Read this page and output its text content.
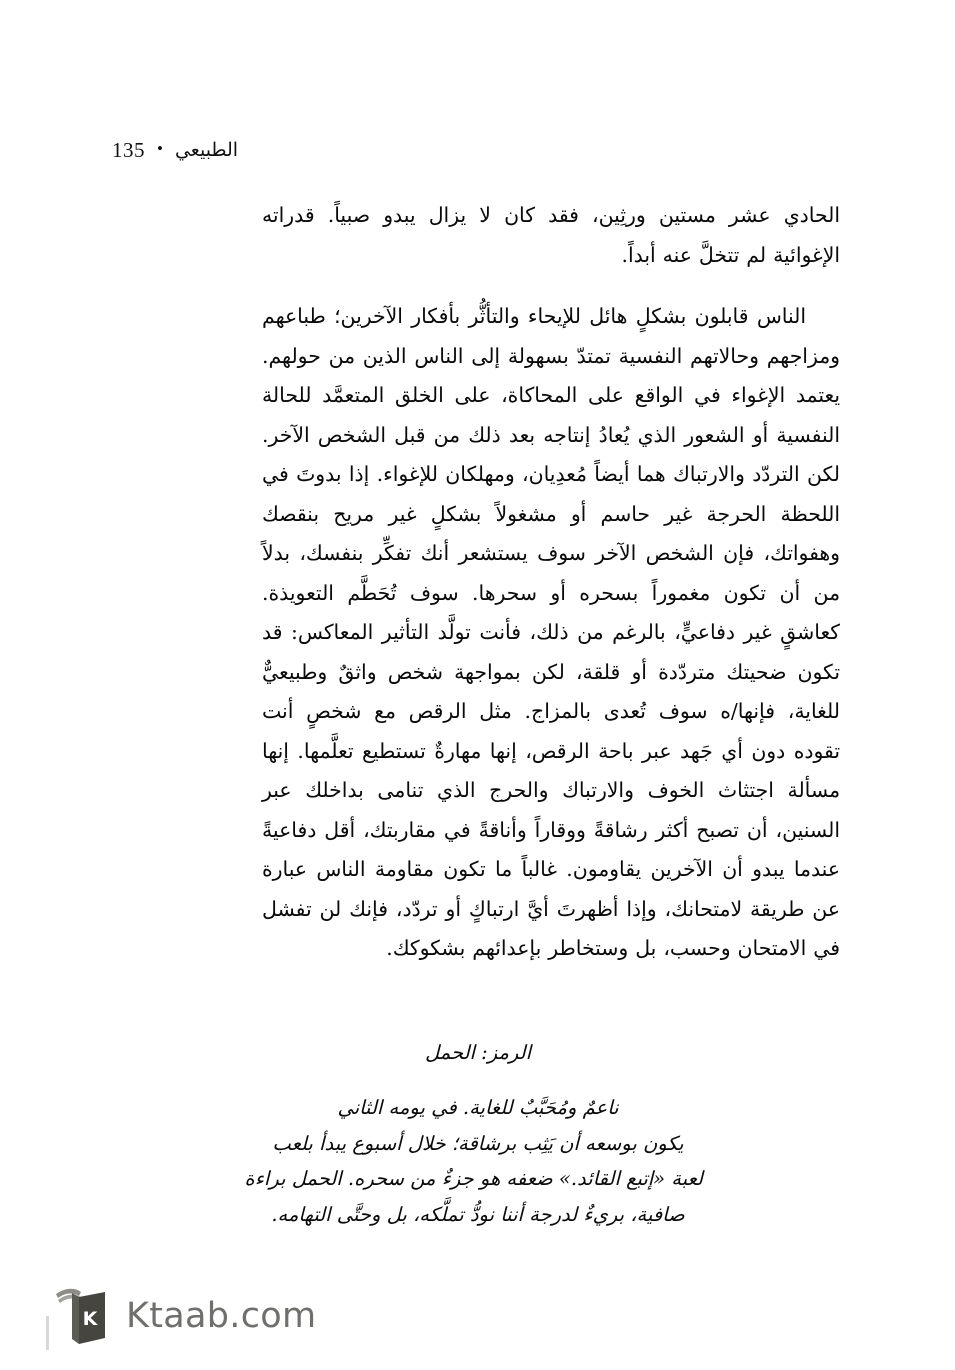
135 • الطبيعي

الحادي عشر مستين ورثِين، فقد كان لا يزال يبدو صبياً. قدراته الإغوائية لم تتخلَّ عنه أبداً.

الناس قابلون بشكلٍ هائل للإيحاء والتأثُّر بأفكار الآخرين؛ طباعهم ومزاجهم وحالاتهم النفسية تمتدّ بسهولة إلى الناس الذين من حولهم. يعتمد الإغواء في الواقع على المحاكاة، على الخلق المتعمَّد للحالة النفسية أو الشعور الذي يُعادُ إنتاجه بعد ذلك من قبل الشخص الآخر. لكن التردّد والارتباك هما أيضاً مُعدِيان، ومهلكان للإغواء. إذا بدوتَ في اللحظة الحرجة غير حاسم أو مشغولاً بشكلٍ غير مريح بنقصك وهفواتك، فإن الشخص الآخر سوف يستشعر أنك تفكِّر بنفسك، بدلاً من أن تكون مغموراً بسحره أو سحرها. سوف تُحَطَّم التعويذة. كعاشقٍ غير دفاعيٍّ، بالرغم من ذلك، فأنت تولَّد التأثير المعاكس: قد تكون ضحيتك متردّدة أو قلقة، لكن بمواجهة شخص واثقٌ وطبيعيٌّ للغاية، فإنها/ه سوف تُعدى بالمزاج. مثل الرقص مع شخصٍ أنت تقوده دون أي جَهد عبر باحة الرقص، إنها مهارةٌ تستطيع تعلَّمها. إنها مسألة اجتثاث الخوف والارتباك والحرج الذي تنامى بداخلك عبر السنين، أن تصبح أكثر رشاقةً ووقاراً وأناقةً في مقاربتك، أقل دفاعيةً عندما يبدو أن الآخرين يقاومون. غالباً ما تكون مقاومة الناس عبارة عن طريقة لامتحانك، وإذا أظهرتَ أيَّ ارتباكٍ أو تردّد، فإنك لن تفشل في الامتحان وحسب، بل وستخاطر بإعدائهم بشكوكك.

الرمز: الحمل

ناعمٌ ومُحَبَّبٌ للغاية. في يومه الثاني
يكون بوسعه أن يَثِب برشاقة؛ خلال أسبوع يبدأ بلعب
لعبة «إتبع القائد.» ضعفه هو جزءٌ من سحره. الحمل براءة
صافية، بريءٌ لدرجة أننا نودُّ تملَّكه، بل وحتَّى التهامه.

K Ktaab.com
